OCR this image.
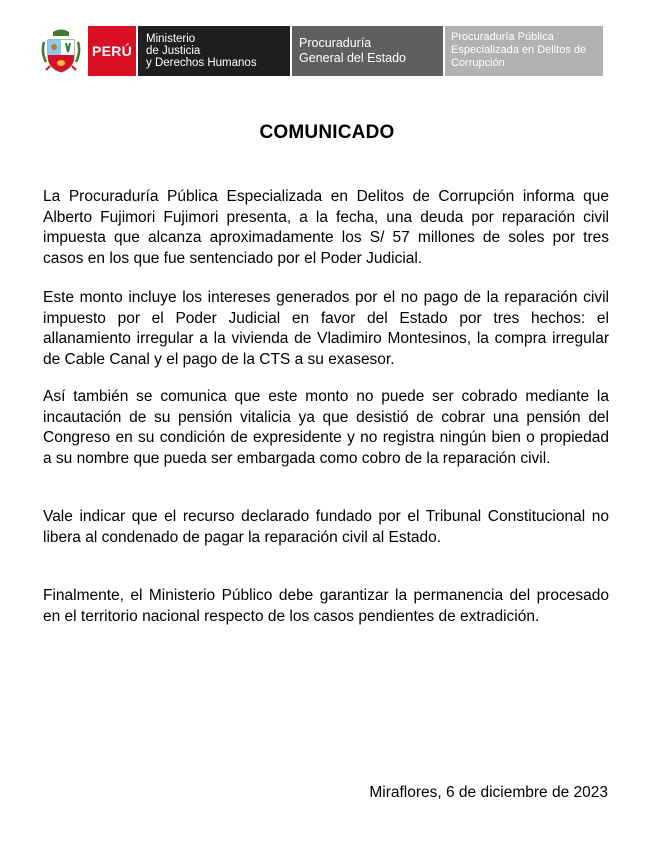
PERÚ
Ministerio
de Justicia
y Derechos Humanos
Procuraduría
General del Estado
Procuraduría Pública
Especializada en Delitos de
Corrupción
COMUNICADO

La Procuraduría Pública Especializada en Delitos de Corrupción informa que Alberto Fujimori Fujimori presenta, a la fecha, una deuda por reparación civil impuesta que alcanza aproximadamente los S/ 57 millones de soles por tres casos en los que fue sentenciado por el Poder Judicial.

Este monto incluye los intereses generados por el no pago de la reparación civil impuesto por el Poder Judicial en favor del Estado por tres hechos: el allanamiento irregular a la vivienda de Vladimiro Montesinos, la compra irregular de Cable Canal y el pago de la CTS a su exasesor.

Así también se comunica que este monto no puede ser cobrado mediante la incautación de su pensión vitalicia ya que desistió de cobrar una pensión del Congreso en su condición de expresidente y no registra ningún bien o propiedad a su nombre que pueda ser embargada como cobro de la reparación civil.

Vale indicar que el recurso declarado fundado por el Tribunal Constitucional no libera al condenado de pagar la reparación civil al Estado.

Finalmente, el Ministerio Público debe garantizar la permanencia del procesado en el territorio nacional respecto de los casos pendientes de extradición.

Miraflores, 6 de diciembre de 2023
